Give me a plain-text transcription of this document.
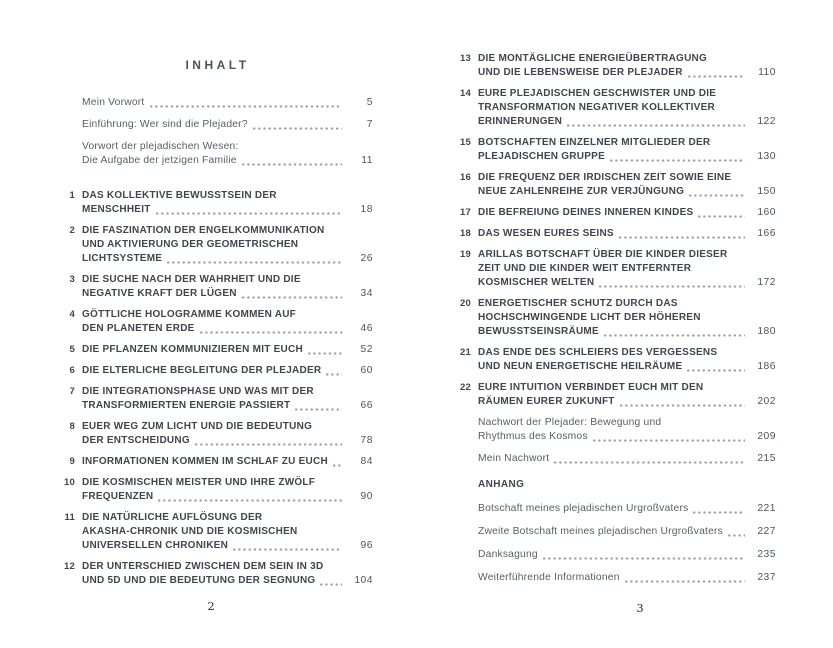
INHALT
Mein Vorwort	5
Einführung: Wer sind die Plejader?	7
Vorwort der plejadischen Wesen:
Die Aufgabe der jetzigen Familie	11
1 DAS KOLLEKTIVE BEWUSSTSEIN DER
MENSCHHEIT	18
2 DIE FASZINATION DER ENGELKOMMUNIKATION
UND AKTIVIERUNG DER GEOMETRISCHEN
LICHTSYSTEME	26
3 DIE SUCHE NACH DER WAHRHEIT UND DIE
NEGATIVE KRAFT DER LÜGEN	34
4 GÖTTLICHE HOLOGRAMME KOMMEN AUF
DEN PLANETEN ERDE	46
5 DIE PFLANZEN KOMMUNIZIEREN MIT EUCH	52
6 DIE ELTERLICHE BEGLEITUNG DER PLEJADER	60
7 DIE INTEGRATIONSPHASE UND WAS MIT DER
TRANSFORMIERTEN ENERGIE PASSIERT	66
8 EUER WEG ZUM LICHT UND DIE BEDEUTUNG
DER ENTSCHEIDUNG	78
9 INFORMATIONEN KOMMEN IM SCHLAF ZU EUCH	84
10 DIE KOSMISCHEN MEISTER UND IHRE ZWÖLF
FREQUENZEN	90
11 DIE NATÜRLICHE AUFLÖSUNG DER
AKASHA-CHRONIK UND DIE KOSMISCHEN
UNIVERSELLEN CHRONIKEN	96
12 DER UNTERSCHIED ZWISCHEN DEM SEIN IN 3D
UND 5D UND DIE BEDEUTUNG DER SEGNUNG	104
13 DIE MONTÄGLICHE ENERGIEÜBERTRAGUNG
UND DIE LEBENSWEISE DER PLEJADER	110
14 EURE PLEJADISCHEN GESCHWISTER UND DIE
TRANSFORMATION NEGATIVER KOLLEKTIVER
ERINNERUNGEN	122
15 BOTSCHAFTEN EINZELNER MITGLIEDER DER
PLEJADISCHEN GRUPPE	130
16 DIE FREQUENZ DER IRDISCHEN ZEIT SOWIE EINE
NEUE ZAHLENREIHE ZUR VERJÜNGUNG	150
17 DIE BEFREIUNG DEINES INNEREN KINDES	160
18 DAS WESEN EURES SEINS	166
19 ARILLAS BOTSCHAFT ÜBER DIE KINDER DIESER
ZEIT UND DIE KINDER WEIT ENTFERNTER
KOSMISCHER WELTEN	172
20 ENERGETISCHER SCHUTZ DURCH DAS
HOCHSCHWINGENDE LICHT DER HÖHEREN
BEWUSSTSEINSRÄUME	180
21 DAS ENDE DES SCHLEIERS DES VERGESSENS
UND NEUN ENERGETISCHE HEILRÄUME	186
22 EURE INTUITION VERBINDET EUCH MIT DEN
RÄUMEN EURER ZUKUNFT	202
Nachwort der Plejader: Bewegung und
Rhythmus des Kosmos	209
Mein Nachwort	215
ANHANG
Botschaft meines plejadischen Urgroßvaters	221
Zweite Botschaft meines plejadischen Urgroßvaters	227
Danksagung	235
Weiterführende Informationen	237
2	3
